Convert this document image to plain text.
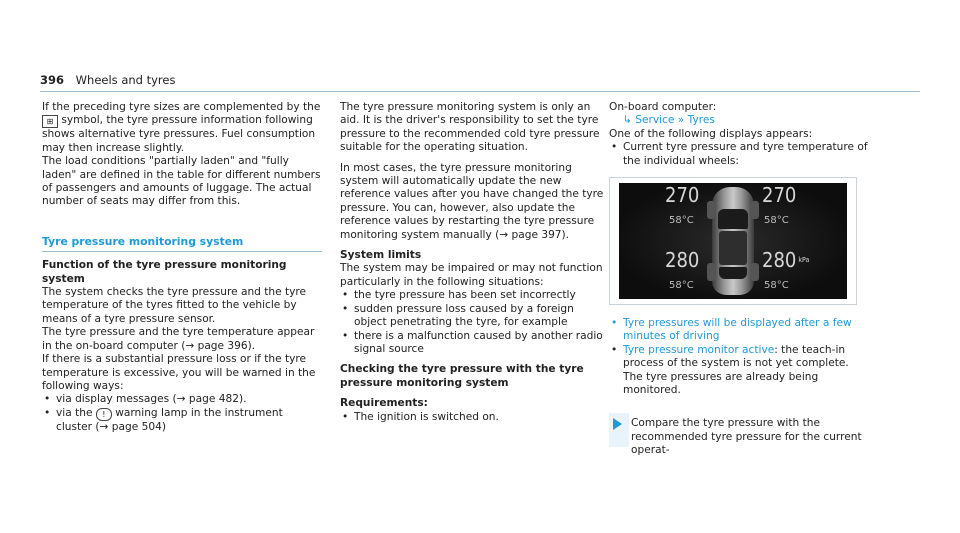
396 Wheels and tyres

If the preceding tyre sizes are complemented by the ⊞ symbol, the tyre pressure information following shows alternative tyre pressures. Fuel consumption may then increase slightly.

The load conditions "partially laden" and "fully laden" are defined in the table for different numbers of passengers and amounts of luggage. The actual number of seats may differ from this.

Tyre pressure monitoring system

Function of the tyre pressure monitoring system

The system checks the tyre pressure and the tyre temperature of the tyres fitted to the vehicle by means of a tyre pressure sensor.

The tyre pressure and the tyre temperature appear in the on-board computer (→ page 396).

If there is a substantial pressure loss or if the tyre temperature is excessive, you will be warned in the following ways:

• via display messages (→ page 482).

• via the ! warning lamp in the instrument cluster (→ page 504)

The tyre pressure monitoring system is only an aid. It is the driver's responsibility to set the tyre pressure to the recommended cold tyre pressure suitable for the operating situation.

In most cases, the tyre pressure monitoring system will automatically update the new reference values after you have changed the tyre pressure. You can, however, also update the reference values by restarting the tyre pressure monitoring system manually (→ page 397).

System limits

The system may be impaired or may not function particularly in the following situations:

• the tyre pressure has been set incorrectly

• sudden pressure loss caused by a foreign object penetrating the tyre, for example

• there is a malfunction caused by another radio signal source

Checking the tyre pressure with the tyre pressure monitoring system

Requirements:

• The ignition is switched on.

On-board computer:

↳ Service » Tyres

One of the following displays appears:

• Current tyre pressure and tyre temperature of the individual wheels:

270
58°C
270
58°C
280
58°C
280 $^{kPa}$
58°C

• Tyre pressures will be displayed after a few minutes of driving

• Tyre pressure monitor active: the teach-in process of the system is not yet complete. The tyre pressures are already being monitored.

Compare the tyre pressure with the recommended tyre pressure for the current operat-
